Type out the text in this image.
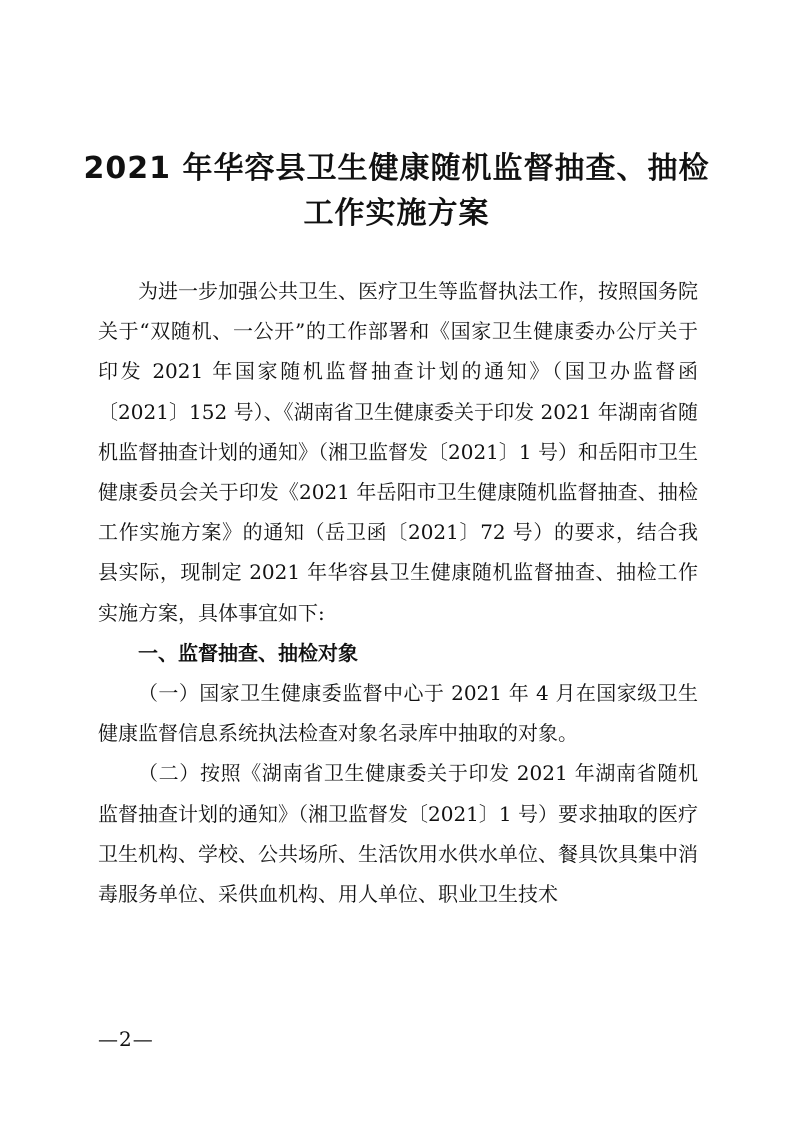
2021 年华容县卫生健康随机监督抽查、抽检
工作实施方案

为进一步加强公共卫生、医疗卫生等监督执法工作，按照国务院关于“双随机、一公开”的工作部署和《国家卫生健康委办公厅关于印发 2021 年国家随机监督抽查计划的通知》（国卫办监督函〔2021〕152 号）、《湖南省卫生健康委关于印发 2021 年湖南省随机监督抽查计划的通知》（湘卫监督发〔2021〕1 号）和岳阳市卫生健康委员会关于印发《2021 年岳阳市卫生健康随机监督抽查、抽检工作实施方案》的通知（岳卫函〔2021〕72 号）的要求，结合我县实际，现制定 2021 年华容县卫生健康随机监督抽查、抽检工作实施方案，具体事宜如下:

一、监督抽查、抽检对象

（一）国家卫生健康委监督中心于 2021 年 4 月在国家级卫生健康监督信息系统执法检查对象名录库中抽取的对象。

（二）按照《湖南省卫生健康委关于印发 2021 年湖南省随机监督抽查计划的通知》（湘卫监督发〔2021〕1 号）要求抽取的医疗卫生机构、学校、公共场所、生活饮用水供水单位、餐具饮具集中消毒服务单位、采供血机构、用人单位、职业卫生技术

—2—
